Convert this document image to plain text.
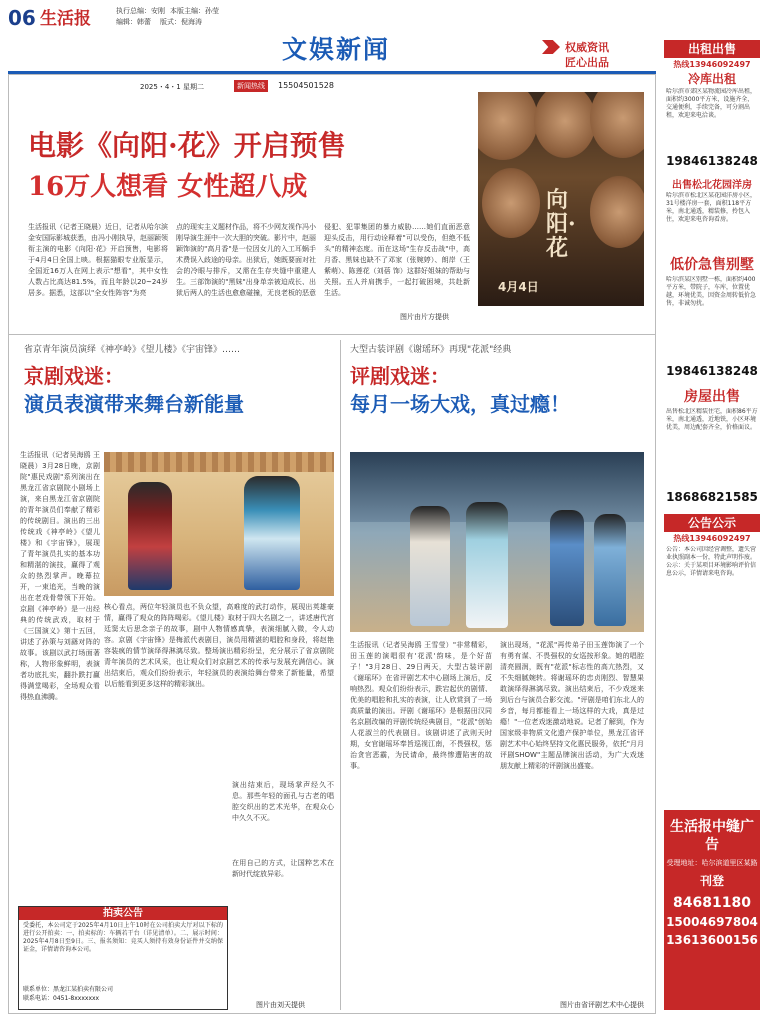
06 生活报	执行总编：安刚 本版主编：孙莹
编辑：韩蕾 版式：倪海涛
文娱新闻	权威资讯
匠心出品
2025・4・1 星期二	新闻热线	15504501528
电影《向阳·花》开启预售
16万人想看 女性超八成
生活报讯（记者王晓晨）近日，记者从哈尔滨金安国际影城获悉，由冯小刚执导，赵丽颖领衔主演的电影《向阳·花》开启预售，电影将于4月4日全国上映。根据猫眼专业版显示，全国近16万人在网上表示"想看"，其中女性人数占比高达81.5%，而且年龄以20~24岁居多。据悉，这部以"全女性阵容"为亮
点的现实主义题材作品，将不少网友视作冯小刚导演生涯中一次大胆的突破。影片中，赵丽颖饰演的"高月香"是一位因女儿的入工耳蜗手术费误入歧途的母亲。出狱后，她既要面对社会的冷眼与排斥，又需在生存夹缝中重建人生。三部饰演的"黑妹"出身单亲被迫成长、出狱后两人的生活也愈愈碰撞，无良老板的恶意
侵犯、犯罪集团的暴力威胁……她们直面恶意迎头反击，用行动诠释着"可以受伤，但绝不低头"的精神态度。而在这场"生存反击战"中，高月香、黑妹也缺不了邓家（张婉婷）、朗岸（王紫萌）、陈莲花（刘蓓 饰）这群好姐妹的帮助与关照。五人并肩携手，一起打破困境，共赴新生活。
图片由片方提供
向阳·花
4月4日
省京青年演员演绎《神亭岭》《望儿楼》《宇宙锋》……
京剧戏迷：
演员表演带来舞台新能量
生活报讯（记者吴海鸥 王晓晨）3月28日晚，京剧院"惠民戏剧"系列演出在黑龙江省京剧院小剧场上演，来自黑龙江省京剧院的青年演员们奉献了精彩的传统剧目。演出的三出传统戏《神亭岭》《望儿楼》和《宇宙锋》，展现了青年演员扎实的基本功和精湛的演技，赢得了观众的热烈掌声。晚幕拉开，一束追光，当晚的演出在老戏骨带领下开始。京剧《神亭岭》是一出经典的传统武戏，取材于《三国演义》第十五回，讲述了孙策与刘繇对阵的故事。该剧以武打场面著称，人物形象鲜明，表演者功底扎实，翻扑跌打赢得满堂喝彩，全场观众看得热血沸腾。
核心看点，两位年轻演员也不负众望，高难度的武打动作，展现出英雄豪情，赢得了观众的阵阵喝彩。《望儿楼》取材于四大名剧之一，讲述唐代宫廷窦太后思念亲子的故事，剧中人物情感真挚，表演细腻入微，令人动容。京剧《宇宙锋》是梅派代表剧目，演员用精湛的唱腔和身段，将赵艳容装疯的情节演绎得淋漓尽致。整场演出精彩纷呈，充分展示了省京剧院青年演员的艺术风采，也让观众们对京剧艺术的传承与发展充满信心。演出结束后，观众们纷纷表示，年轻演员的表演给舞台带来了新能量，希望以后能看到更多这样的精彩演出。
演出结束后，现场掌声经久不息。那些年轻的面孔与古老的唱腔交织出的艺术光华，在观众心中久久不灭。
在用自己的方式，让国粹艺术在新时代绽放异彩。
图片由刘天提供
拍卖公告
受委托，本公司定于2025年4月10日上午10时在公司拍卖大厅对以下标的进行公开拍卖：一、拍卖标的：车辆若干台（详见清单）。二、展示时间：2025年4月8日至9日。三、报名须知：竞买人须持有效身份证件并交纳保证金，详情请咨询本公司。
联系单位：黑龙江某拍卖有限公司
联系电话：0451-8xxxxxxx
大型古装评剧《谢瑶环》再现"花派"经典
评剧戏迷：
每月一场大戏，真过瘾！
生活报讯（记者吴海鸥 王雪莹）"非常精彩，田玉莲的演唱很有'花派'韵味，是个好苗子！"3月28日、29日两天，大型古装评剧《谢瑶环》在省评剧艺术中心剧场上演后，反响热烈。观众们纷纷表示，跌宕起伏的剧情、优美的唱腔和扎实的表演，让人欣赏到了一场高质量的演出。评剧《谢瑶环》是根据田汉同名京剧改编的评剧传统经典剧目，"花派"创始人花淑兰的代表剧目。该剧讲述了武则天时期，女官谢瑶环奉旨巡视江南，不畏强权，惩治贪官恶霸，为民请命，最终惨遭陷害的故事。
演出现场，"花派"再传弟子田玉莲饰演了一个有勇有谋、不畏强权的女巡按形象。她的唱腔清亮圆润，既有"花派"标志性的高亢热烈，又不失细腻婉转。将谢瑶环的忠贞刚烈、智慧果敢演绎得淋漓尽致。演出结束后，不少戏迷来到后台与演员合影交流。"评剧是咱们东北人的乡音，每月都能看上一场这样的大戏，真是过瘾！"一位老戏迷激动地说。记者了解到，作为国家级非物质文化遗产保护单位，黑龙江省评剧艺术中心始终坚持文化惠民服务，依托"月月评剧SHOW"主题品牌演出活动，为广大戏迷朋友献上精彩的评剧演出盛宴。
图片由省评剧艺术中心提供
出租出售
热线13946092497
冷库出租
哈尔滨市郊区某物流园冷库出租，面积约3000平方米，设施齐全，交通便利，手续完备，可分割出租，欢迎来电洽谈。
19846138248
出售松北花园洋房
哈尔滨市松北区某花园洋房小区，31号楼洋房一套，面积118平方米，南北通透，精装修，拎包入住，欢迎来电咨询看房。
低价急售别墅
哈尔滨某区别墅一栋，面积约400平方米，带院子，车库，位置优越，环境优美，因资金周转低价急售，非诚勿扰。
19846138248
房屋出售
出售松北区精装住宅，面积86平方米，南北通透，近地铁，小区环境优美，周边配套齐全，价格面议。
18686821585
公告公示
热线13946092497
公告：本公司因经营调整，遗失营业执照副本一份，特此声明作废。公示：关于某项目环境影响评价信息公示，详情请来电咨询。
生活报中缝广告
受理地址：哈尔滨道里区某路
刊登
84681180
15004697804
13613600156
